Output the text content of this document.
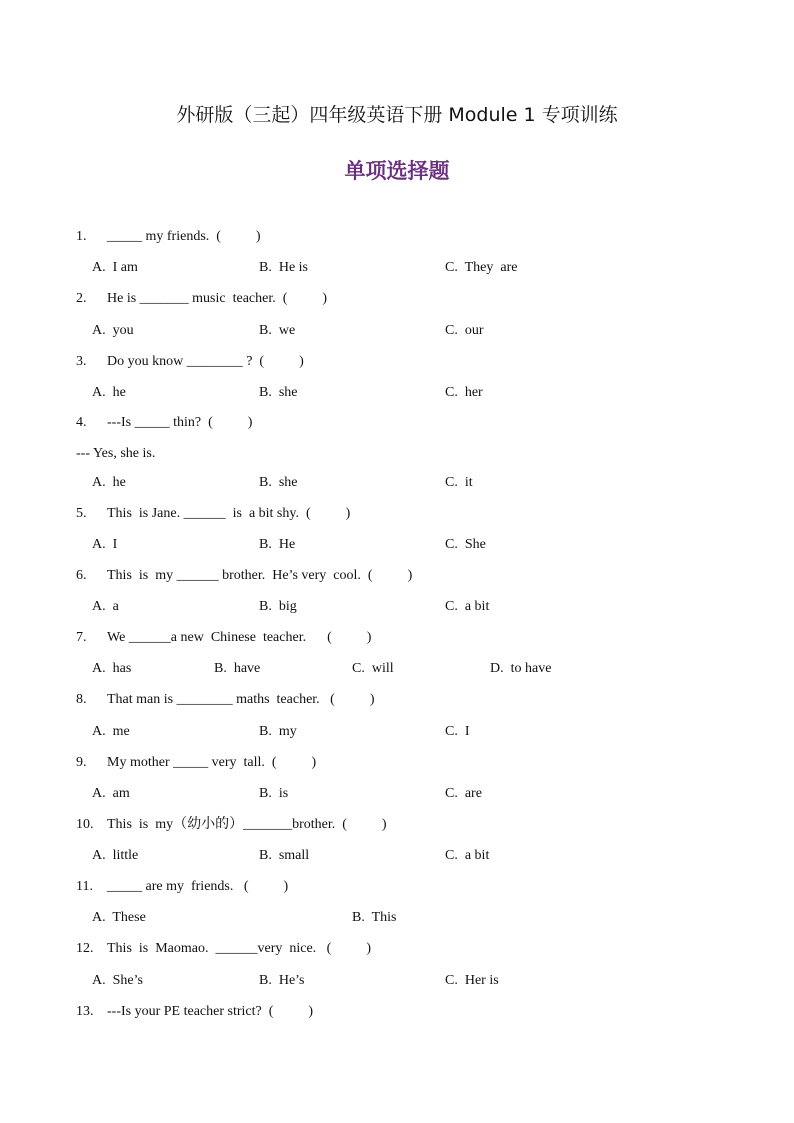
外研版（三起）四年级英语下册 Module 1 专项训练
单项选择题
1. _____ my friends.  (          )
A.  I am	B.  He is	C.  They  are
2. He is _______ music  teacher.  (          )
A.  you	B.  we	C.  our
3. Do you know ________ ?  (          )
A.  he	B.  she	C.  her
4. ---Is _____ thin?  (          )
--- Yes, she is.
A.  he	B.  she	C.  it
5. This  is Jane. ______  is  a bit shy.  (          )
A.  I	B.  He	C.  She
6. This  is  my ______ brother.  He’s very  cool.  (          )
A.  a	B.  big	C.  a bit
7. We ______a new  Chinese  teacher.      (          )
A.  has	B.  have	C.  will	D.  to have
8. That man is ________ maths  teacher.   (          )
A.  me	B.  my	C.  I
9. My mother _____ very  tall.  (          )
A.  am	B.  is	C.  are
10. This  is  my（幼小的）_______brother.  (          )
A.  little	B.  small	C.  a bit
11. _____ are my  friends.   (          )
A.  These	B.  This
12. This  is  Maomao.  ______very  nice.   (          )
A.  She’s	B.  He’s	C.  Her is
13. ---Is your PE teacher strict?  (          )
